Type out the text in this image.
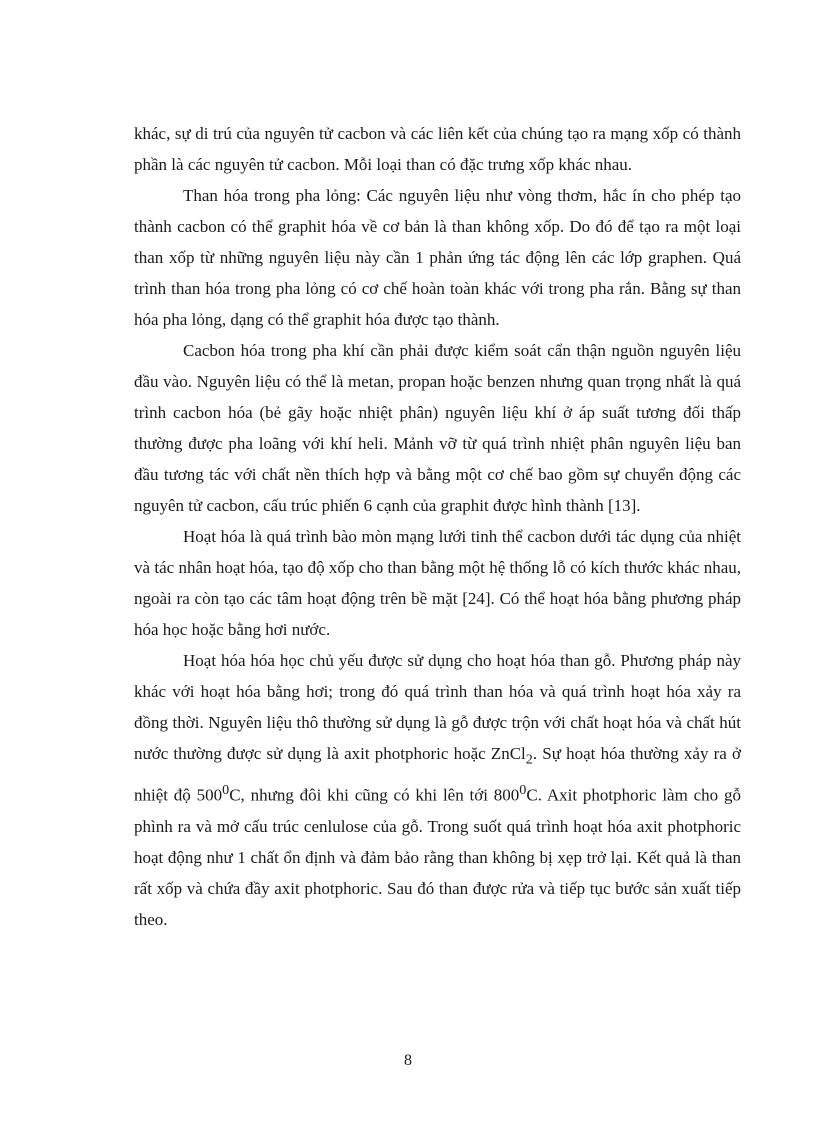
khác, sự di trú của nguyên tử cacbon và các liên kết của chúng tạo ra mạng xốp có thành phần là các nguyên tử cacbon. Mỗi loại than có đặc trưng xốp khác nhau.

Than hóa trong pha lỏng: Các nguyên liệu như vòng thơm, hắc ín cho phép tạo thành cacbon có thể graphit hóa về cơ bản là than không xốp. Do đó để tạo ra một loại than xốp từ những nguyên liệu này cần 1 phản ứng tác động lên các lớp graphen. Quá trình than hóa trong pha lỏng có cơ chế hoàn toàn khác với trong pha rắn. Bằng sự than hóa pha lỏng, dạng có thể graphit hóa được tạo thành.

Cacbon hóa trong pha khí cần phải được kiểm soát cẩn thận nguồn nguyên liệu đầu vào. Nguyên liệu có thể là metan, propan hoặc benzen nhưng quan trọng nhất là quá trình cacbon hóa (bẻ gãy hoặc nhiệt phân) nguyên liệu khí ở áp suất tương đối thấp thường được pha loãng với khí heli. Mảnh vỡ từ quá trình nhiệt phân nguyên liệu ban đầu tương tác với chất nền thích hợp và bằng một cơ chế bao gồm sự chuyển động các nguyên tử cacbon, cấu trúc phiến 6 cạnh của graphit được hình thành [13].

Hoạt hóa là quá trình bào mòn mạng lưới tinh thể cacbon dưới tác dụng của nhiệt và tác nhân hoạt hóa, tạo độ xốp cho than bằng một hệ thống lỗ có kích thước khác nhau, ngoài ra còn tạo các tâm hoạt động trên bề mặt [24]. Có thể hoạt hóa bằng phương pháp hóa học hoặc bằng hơi nước.

Hoạt hóa hóa học chủ yếu được sử dụng cho hoạt hóa than gỗ. Phương pháp này khác với hoạt hóa bằng hơi; trong đó quá trình than hóa và quá trình hoạt hóa xảy ra đồng thời. Nguyên liệu thô thường sử dụng là gỗ được trộn với chất hoạt hóa và chất hút nước thường được sử dụng là axit photphoric hoặc ZnCl$_2$. Sự hoạt hóa thường xảy ra ở nhiệt độ $500^0C$, nhưng đôi khi cũng có khi lên tới $800^0C$. Axit photphoric làm cho gỗ phình ra và mở cấu trúc cenlulose của gỗ. Trong suốt quá trình hoạt hóa axit photphoric hoạt động như 1 chất ổn định và đảm bảo rằng than không bị xẹp trở lại. Kết quả là than rất xốp và chứa đầy axit photphoric. Sau đó than được rửa và tiếp tục bước sản xuất tiếp theo.

8
